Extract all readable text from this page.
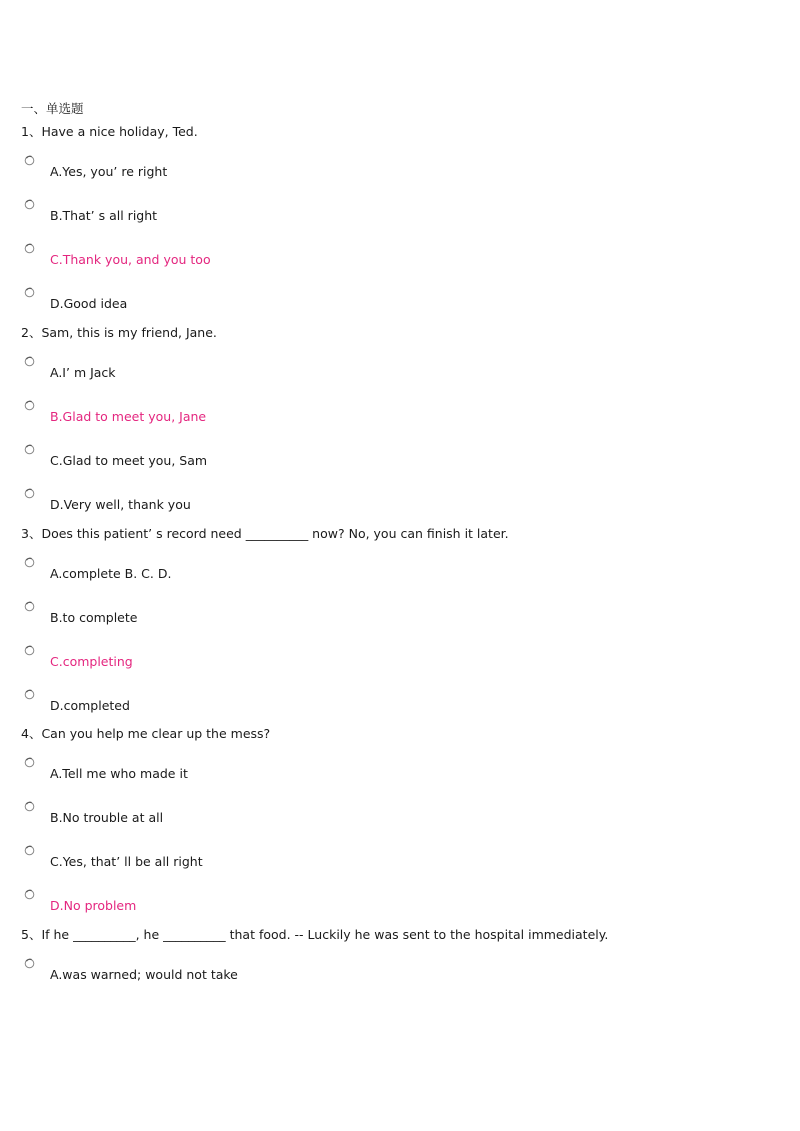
一、单选题
1、Have a nice holiday, Ted.
A.Yes, you’ re right
B.That’ s all right
C.Thank you, and you too
D.Good idea
2、Sam, this is my friend, Jane.
A.I’ m Jack
B.Glad to meet you, Jane
C.Glad to meet you, Sam
D.Very well, thank you
3、Does this patient’ s record need __________ now? No, you can finish it later.
A.complete B. C. D.
B.to complete
C.completing
D.completed
4、Can you help me clear up the mess?
A.Tell me who made it
B.No trouble at all
C.Yes, that’ ll be all right
D.No problem
5、If he __________, he __________ that food. -- Luckily he was sent to the hospital immediately.
A.was warned; would not take
